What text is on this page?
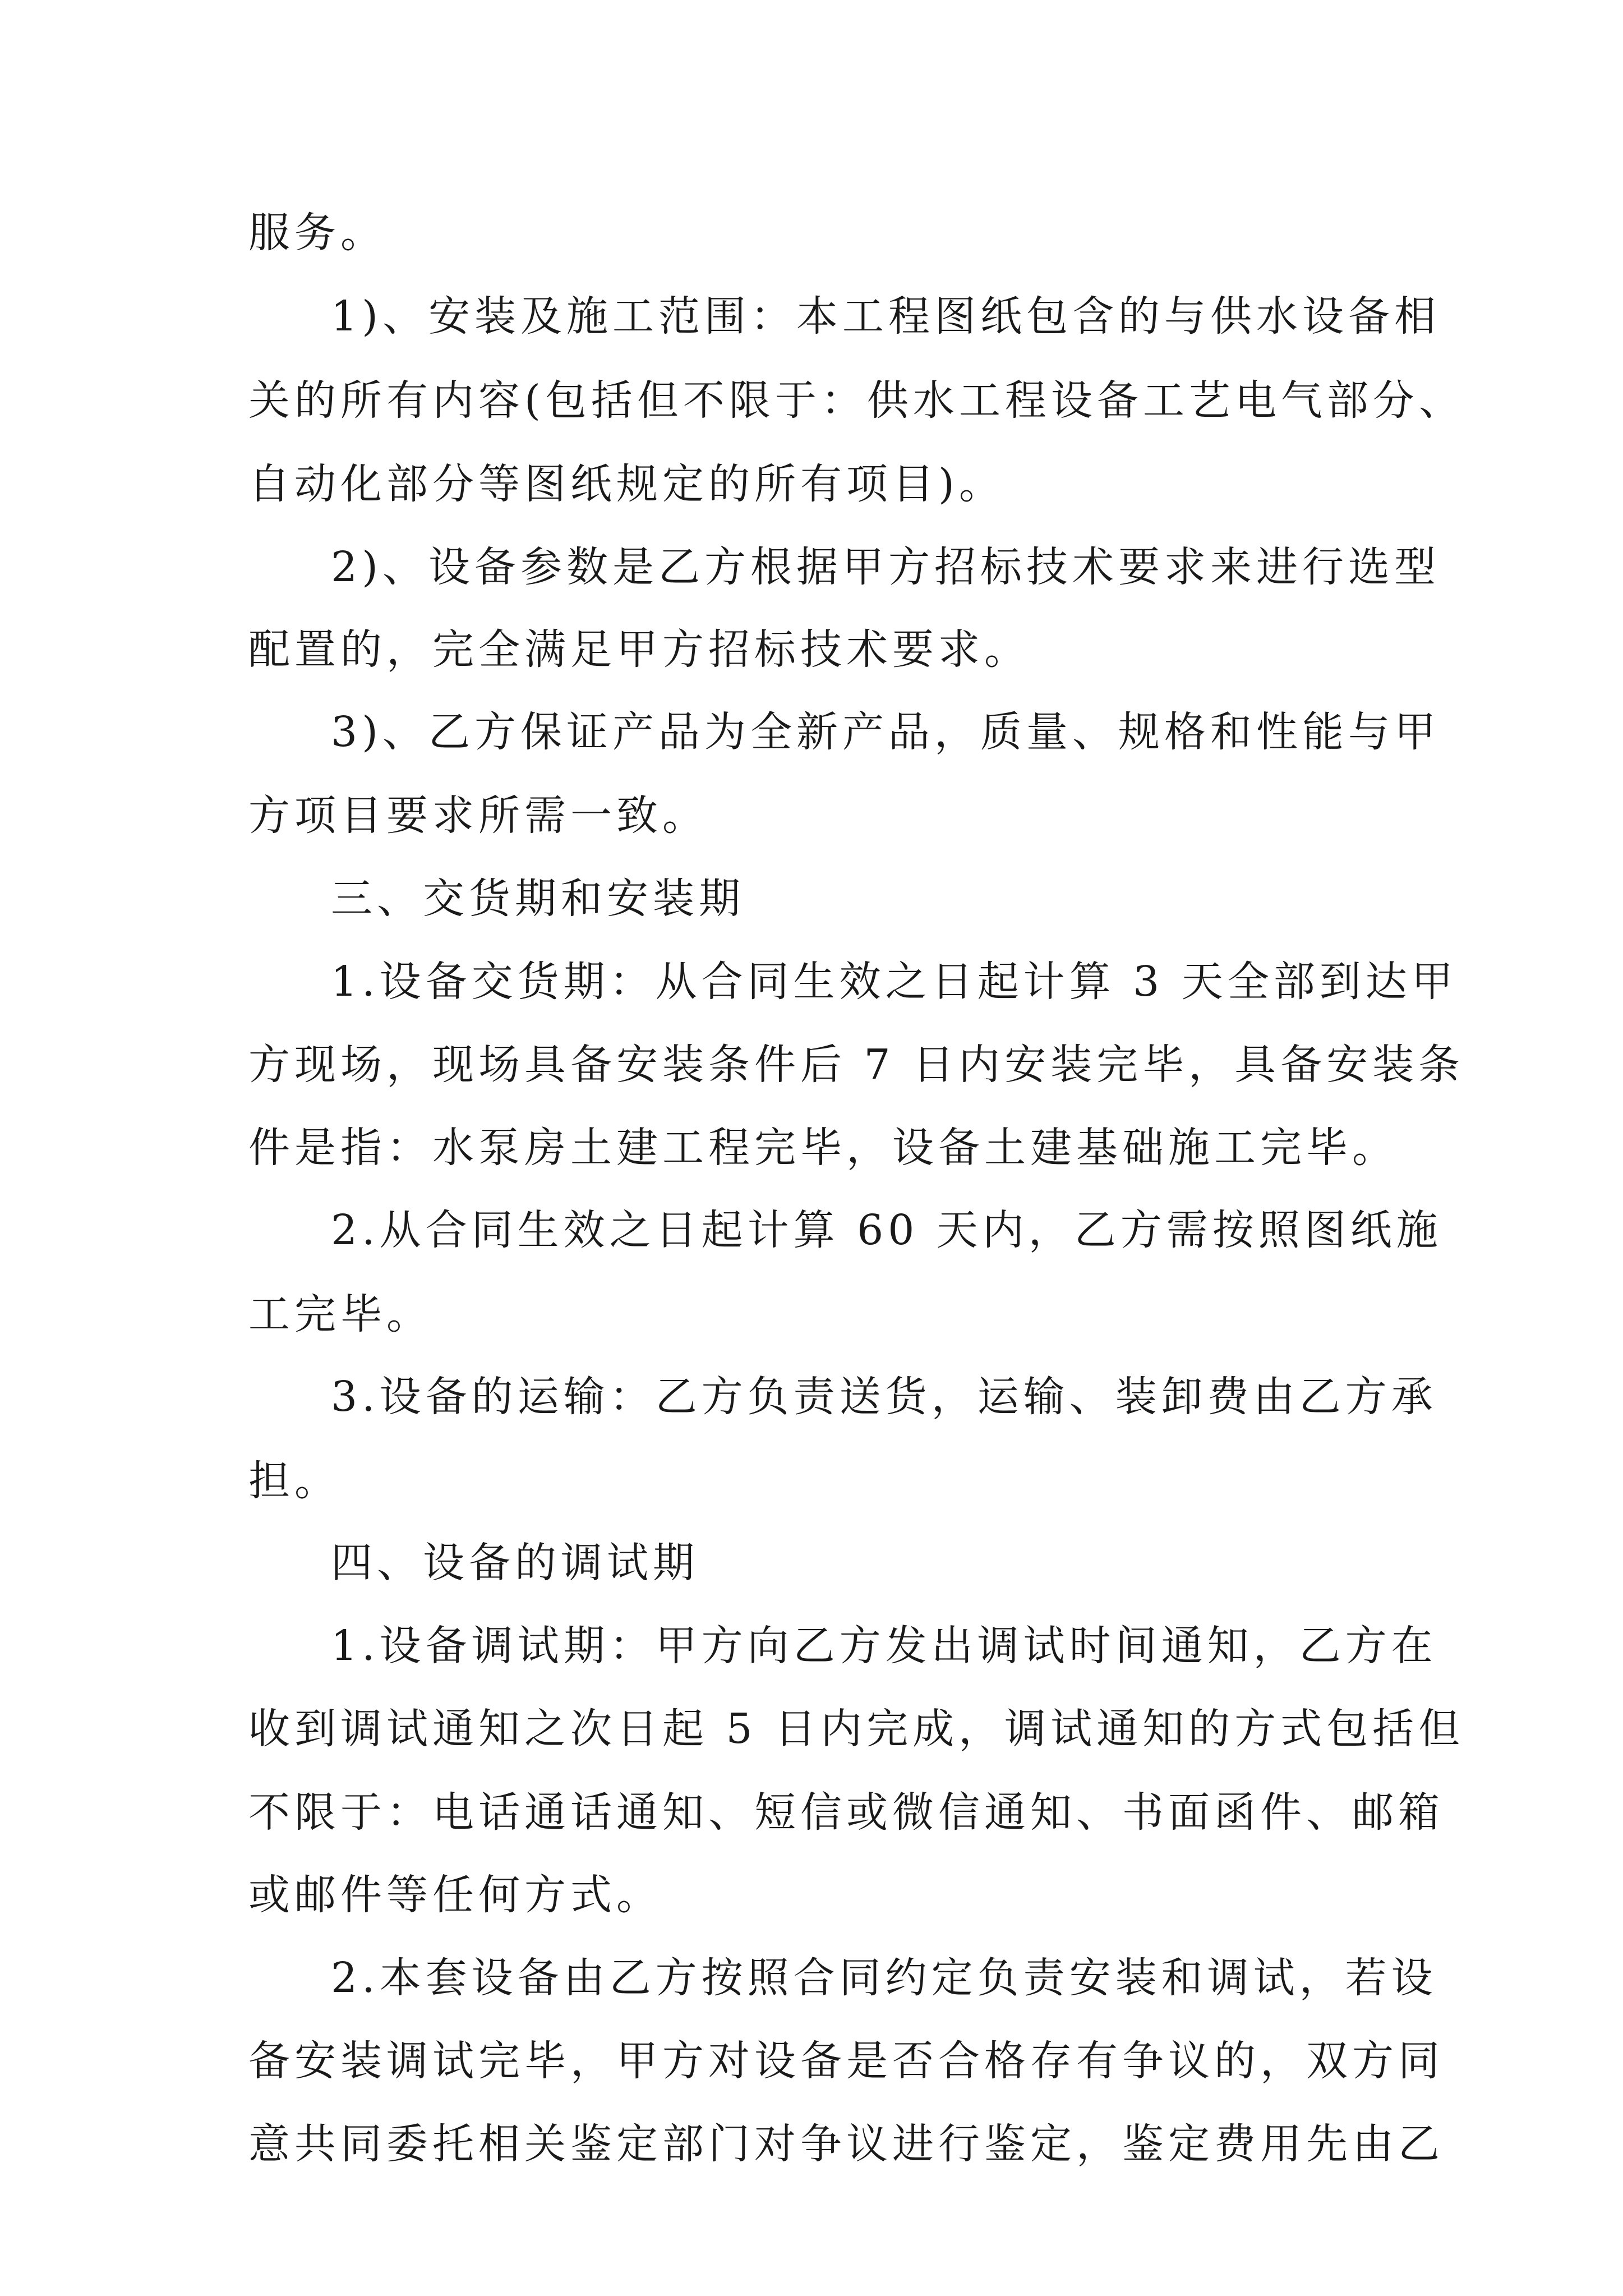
服务。
1)、安装及施工范围：本工程图纸包含的与供水设备相
关的所有内容(包括但不限于：供水工程设备工艺电气部分、
自动化部分等图纸规定的所有项目)。
2)、设备参数是乙方根据甲方招标技术要求来进行选型
配置的，完全满足甲方招标技术要求。
3)、乙方保证产品为全新产品，质量、规格和性能与甲
方项目要求所需一致。
三、交货期和安装期
1.设备交货期：从合同生效之日起计算 3 天全部到达甲
方现场，现场具备安装条件后 7 日内安装完毕，具备安装条
件是指：水泵房土建工程完毕，设备土建基础施工完毕。
2.从合同生效之日起计算 60 天内，乙方需按照图纸施
工完毕。
3.设备的运输：乙方负责送货，运输、装卸费由乙方承
担。
四、设备的调试期
1.设备调试期：甲方向乙方发出调试时间通知，乙方在
收到调试通知之次日起 5 日内完成，调试通知的方式包括但
不限于：电话通话通知、短信或微信通知、书面函件、邮箱
或邮件等任何方式。
2.本套设备由乙方按照合同约定负责安装和调试，若设
备安装调试完毕，甲方对设备是否合格存有争议的，双方同
意共同委托相关鉴定部门对争议进行鉴定，鉴定费用先由乙
